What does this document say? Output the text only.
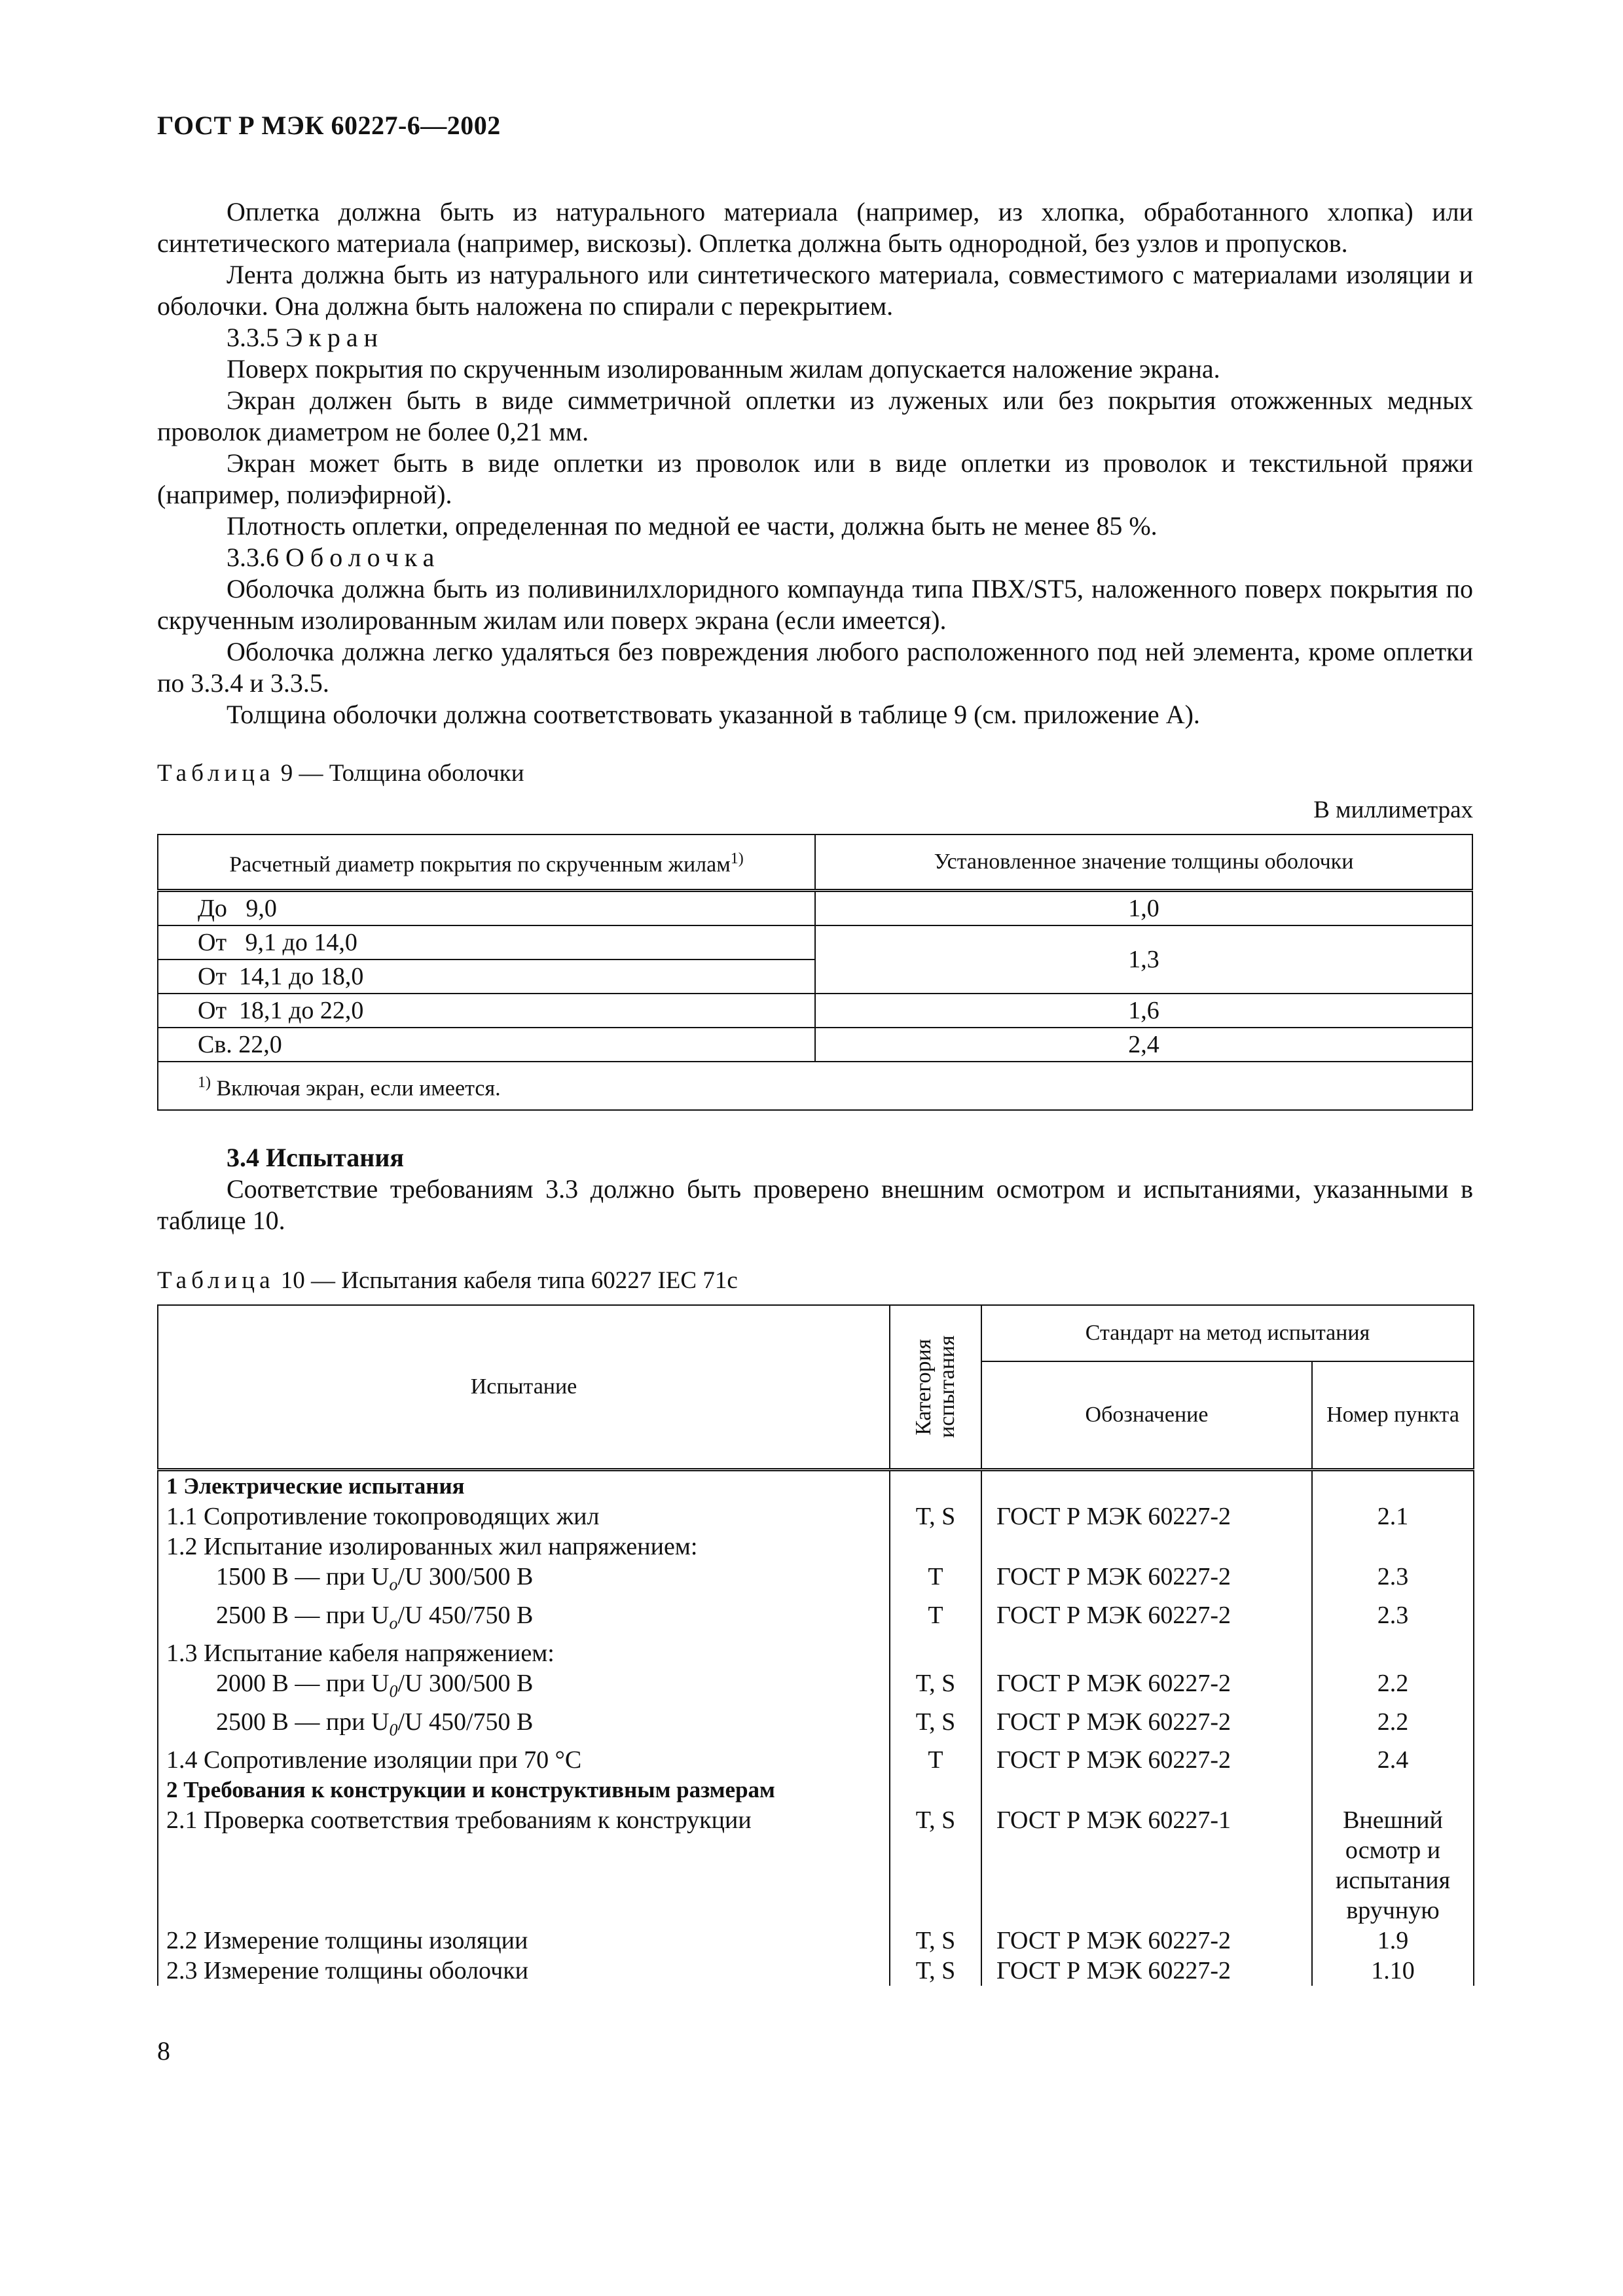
ГОСТ Р МЭК 60227-6—2002

Оплетка должна быть из натурального материала (например, из хлопка, обработанного хлопка) или синтетического материала (например, вискозы). Оплетка должна быть однородной, без узлов и пропусков.

Лента должна быть из натурального или синтетического материала, совместимого с материалами изоляции и оболочки. Она должна быть наложена по спирали с перекрытием.

3.3.5 Экран

Поверх покрытия по скрученным изолированным жилам допускается наложение экрана.

Экран должен быть в виде симметричной оплетки из луженых или без покрытия отожженных медных проволок диаметром не более 0,21 мм.

Экран может быть в виде оплетки из проволок или в виде оплетки из проволок и текстильной пряжи (например, полиэфирной).

Плотность оплетки, определенная по медной ее части, должна быть не менее 85 %.

3.3.6 Оболочка

Оболочка должна быть из поливинилхлоридного компаунда типа ПВХ/ST5, наложенного поверх покрытия по скрученным изолированным жилам или поверх экрана (если имеется).

Оболочка должна легко удаляться без повреждения любого расположенного под ней элемента, кроме оплетки по 3.3.4 и 3.3.5.

Толщина оболочки должна соответствовать указанной в таблице 9 (см. приложение А).

Таблица 9 — Толщина оболочки
В миллиметрах
Расчетный диаметр покрытия по скрученным жилам$^{1)}$	Установленное значение толщины оболочки
До   9,0	1,0
От   9,1 до 14,0	1,3
От  14,1 до 18,0	
От  18,1 до 22,0	1,6
Св. 22,0	2,4
$^{1)}$ Включая экран, если имеется.	

3.4 Испытания

Соответствие требованиям 3.3 должно быть проверено внешним осмотром и испытаниями, указанными в таблице 10.

Таблица 10 — Испытания кабеля типа 60227 IEC 71c
Испытание	Категория испытания	Стандарт на метод испытания	
		Обозначение	Номер пункта
1 Электрические испытания			
1.1 Сопротивление токопроводящих жил	T, S	ГОСТ Р МЭК 60227-2	2.1
1.2 Испытание изолированных жил напряжением:			
1500 В — при $U_o/U$ 300/500 В	T	ГОСТ Р МЭК 60227-2	2.3
2500 В — при $U_o/U$ 450/750 В	T	ГОСТ Р МЭК 60227-2	2.3
1.3 Испытание кабеля напряжением:			
2000 В — при $U_0/U$ 300/500 В	T, S	ГОСТ Р МЭК 60227-2	2.2
2500 В — при $U_0/U$ 450/750 В	T, S	ГОСТ Р МЭК 60227-2	2.2
1.4 Сопротивление изоляции при 70 °С	T	ГОСТ Р МЭК 60227-2	2.4
2 Требования к конструкции и конструктивным размерам			
2.1 Проверка соответствия требованиям к конструкции	T, S	ГОСТ Р МЭК 60227-1	Внешний осмотр и испытания вручную
2.2 Измерение толщины изоляции	T, S	ГОСТ Р МЭК 60227-2	1.9
2.3 Измерение толщины оболочки	T, S	ГОСТ Р МЭК 60227-2	1.10
8
